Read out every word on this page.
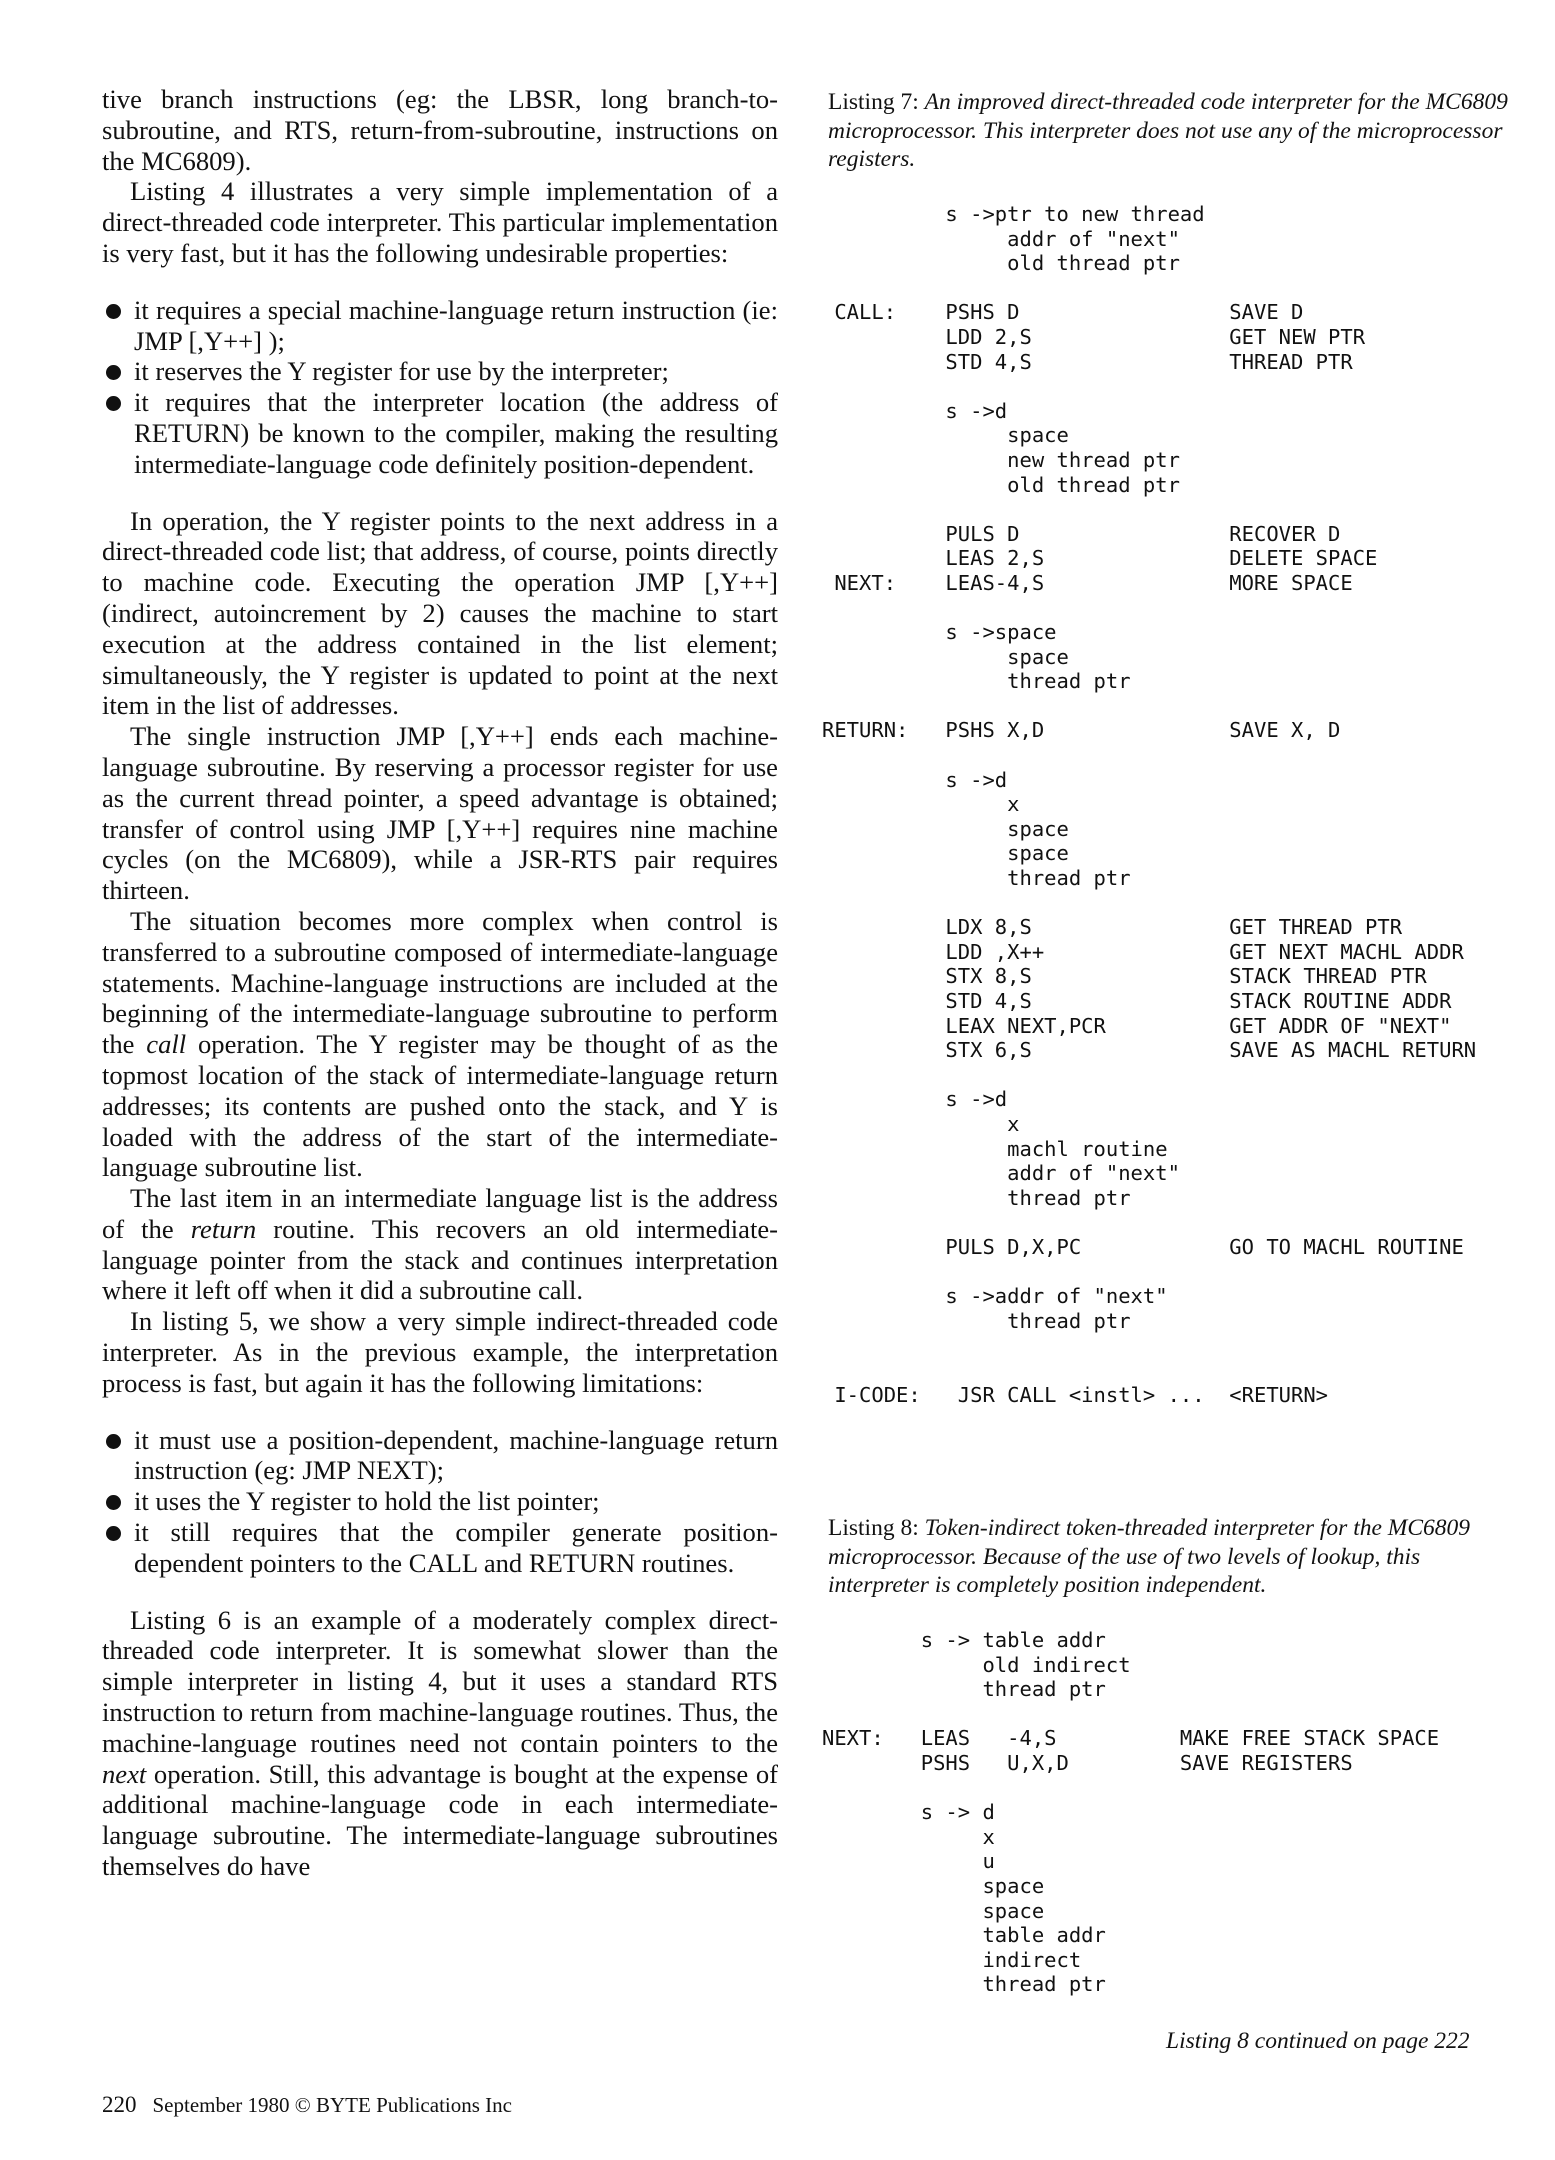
tive branch instructions (eg: the LBSR, long branch-to-subroutine, and RTS, return-from-subroutine, instructions on the MC6809).

Listing 4 illustrates a very simple implementation of a direct-threaded code interpreter. This particular implementation is very fast, but it has the following undesirable properties:

it requires a special machine-language return instruction (ie: JMP [,Y++] );
it reserves the Y register for use by the interpreter;
it requires that the interpreter location (the address of RETURN) be known to the compiler, making the resulting intermediate-language code definitely position-dependent.

In operation, the Y register points to the next address in a direct-threaded code list; that address, of course, points directly to machine code. Executing the operation JMP [,Y++] (indirect, autoincrement by 2) causes the machine to start execution at the address contained in the list element; simultaneously, the Y register is updated to point at the next item in the list of addresses.

The single instruction JMP [,Y++] ends each machine-language subroutine. By reserving a processor register for use as the current thread pointer, a speed advantage is obtained; transfer of control using JMP [,Y++] requires nine machine cycles (on the MC6809), while a JSR-RTS pair requires thirteen.

The situation becomes more complex when control is transferred to a subroutine composed of intermediate-language statements. Machine-language instructions are included at the beginning of the intermediate-language subroutine to perform the call operation. The Y register may be thought of as the topmost location of the stack of intermediate-language return addresses; its contents are pushed onto the stack, and Y is loaded with the address of the start of the intermediate-language subroutine list.

The last item in an intermediate language list is the address of the return routine. This recovers an old intermediate-language pointer from the stack and continues interpretation where it left off when it did a subroutine call.

In listing 5, we show a very simple indirect-threaded code interpreter. As in the previous example, the interpretation process is fast, but again it has the following limitations:

it must use a position-dependent, machine-language return instruction (eg: JMP NEXT);
it uses the Y register to hold the list pointer;
it still requires that the compiler generate position-dependent pointers to the CALL and RETURN routines.

Listing 6 is an example of a moderately complex direct-threaded code interpreter. It is somewhat slower than the simple interpreter in listing 4, but it uses a standard RTS instruction to return from machine-language routines. Thus, the machine-language routines need not contain pointers to the next operation. Still, this advantage is bought at the expense of additional machine-language code in each intermediate-language subroutine. The intermediate-language subroutines themselves do have

220 September 1980 © BYTE Publications Inc
Listing 7: An improved direct-threaded code interpreter for the MC6809 microprocessor. This interpreter does not use any of the microprocessor registers.
s ->ptr to new thread
addr of "next"
old thread ptr

CALL:    PSHS D                 SAVE D
LDD 2,S                GET NEW PTR
STD 4,S                THREAD PTR

s ->d
space
new thread ptr
old thread ptr

PULS D                 RECOVER D
LEAS 2,S               DELETE SPACE
NEXT:    LEAS-4,S               MORE SPACE

s ->space
space
thread ptr

RETURN:   PSHS X,D               SAVE X, D

s ->d
x
space
space
thread ptr

LDX 8,S                GET THREAD PTR
LDD ,X++               GET NEXT MACHL ADDR
STX 8,S                STACK THREAD PTR
STD 4,S                STACK ROUTINE ADDR
LEAX NEXT,PCR          GET ADDR OF "NEXT"
STX 6,S                SAVE AS MACHL RETURN

s ->d
x
machl routine
addr of "next"
thread ptr

PULS D,X,PC            GO TO MACHL ROUTINE

s ->addr of "next"
thread ptr

I-CODE:   JSR CALL <instl> ...  <RETURN>
Listing 8: Token-indirect token-threaded interpreter for the MC6809 microprocessor. Because of the use of two levels of lookup, this interpreter is completely position independent.
s -> table addr
old indirect
thread ptr

NEXT:   LEAS   -4,S          MAKE FREE STACK SPACE
PSHS   U,X,D         SAVE REGISTERS

s -> d
x
u
space
space
table addr
indirect
thread ptr
Listing 8 continued on page 222
